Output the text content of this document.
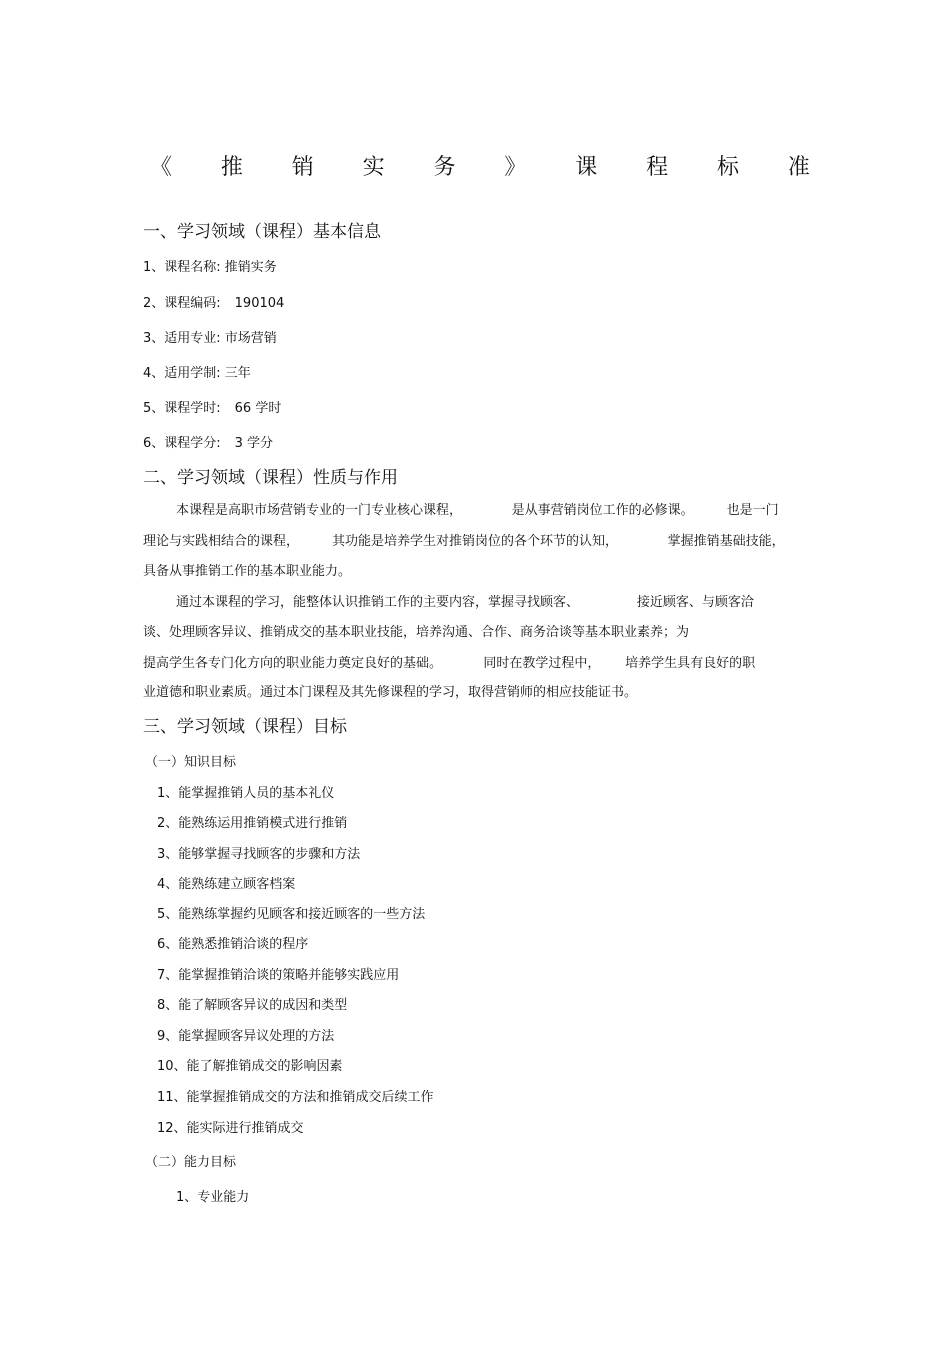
《 推 销 实 务 》 课 程 标 准
一、学习领域（课程）基本信息
1、课程名称: 推销实务
2、课程编码: 190104
3、适用专业: 市场营销
4、适用学制: 三年
5、课程学时: 66 学时
6、课程学分: 3 学分
二、学习领域（课程）性质与作用
本课程是高职市场营销专业的一门专业核心课程，            是从事营销岗位工作的必修课。        也是一门
理论与实践相结合的课程，        其功能是培养学生对推销岗位的各个环节的认知，            掌握推销基础技能，
具备从事推销工作的基本职业能力。
通过本课程的学习，能整体认识推销工作的主要内容，掌握寻找顾客、              接近顾客、与顾客洽
谈、处理顾客异议、推销成交的基本职业技能，培养沟通、合作、商务洽谈等基本职业素养；为
提高学生各专门化方向的职业能力奠定良好的基础。          同时在教学过程中，      培养学生具有良好的职
业道德和职业素质。通过本门课程及其先修课程的学习，取得营销师的相应技能证书。
三、学习领域（课程）目标
（一）知识目标
1、能掌握推销人员的基本礼仪
2、能熟练运用推销模式进行推销
3、能够掌握寻找顾客的步骤和方法
4、能熟练建立顾客档案
5、能熟练掌握约见顾客和接近顾客的一些方法
6、能熟悉推销洽谈的程序
7、能掌握推销洽谈的策略并能够实践应用
8、能了解顾客异议的成因和类型
9、能掌握顾客异议处理的方法
10、能了解推销成交的影响因素
11、能掌握推销成交的方法和推销成交后续工作
12、能实际进行推销成交
（二）能力目标
1、专业能力
